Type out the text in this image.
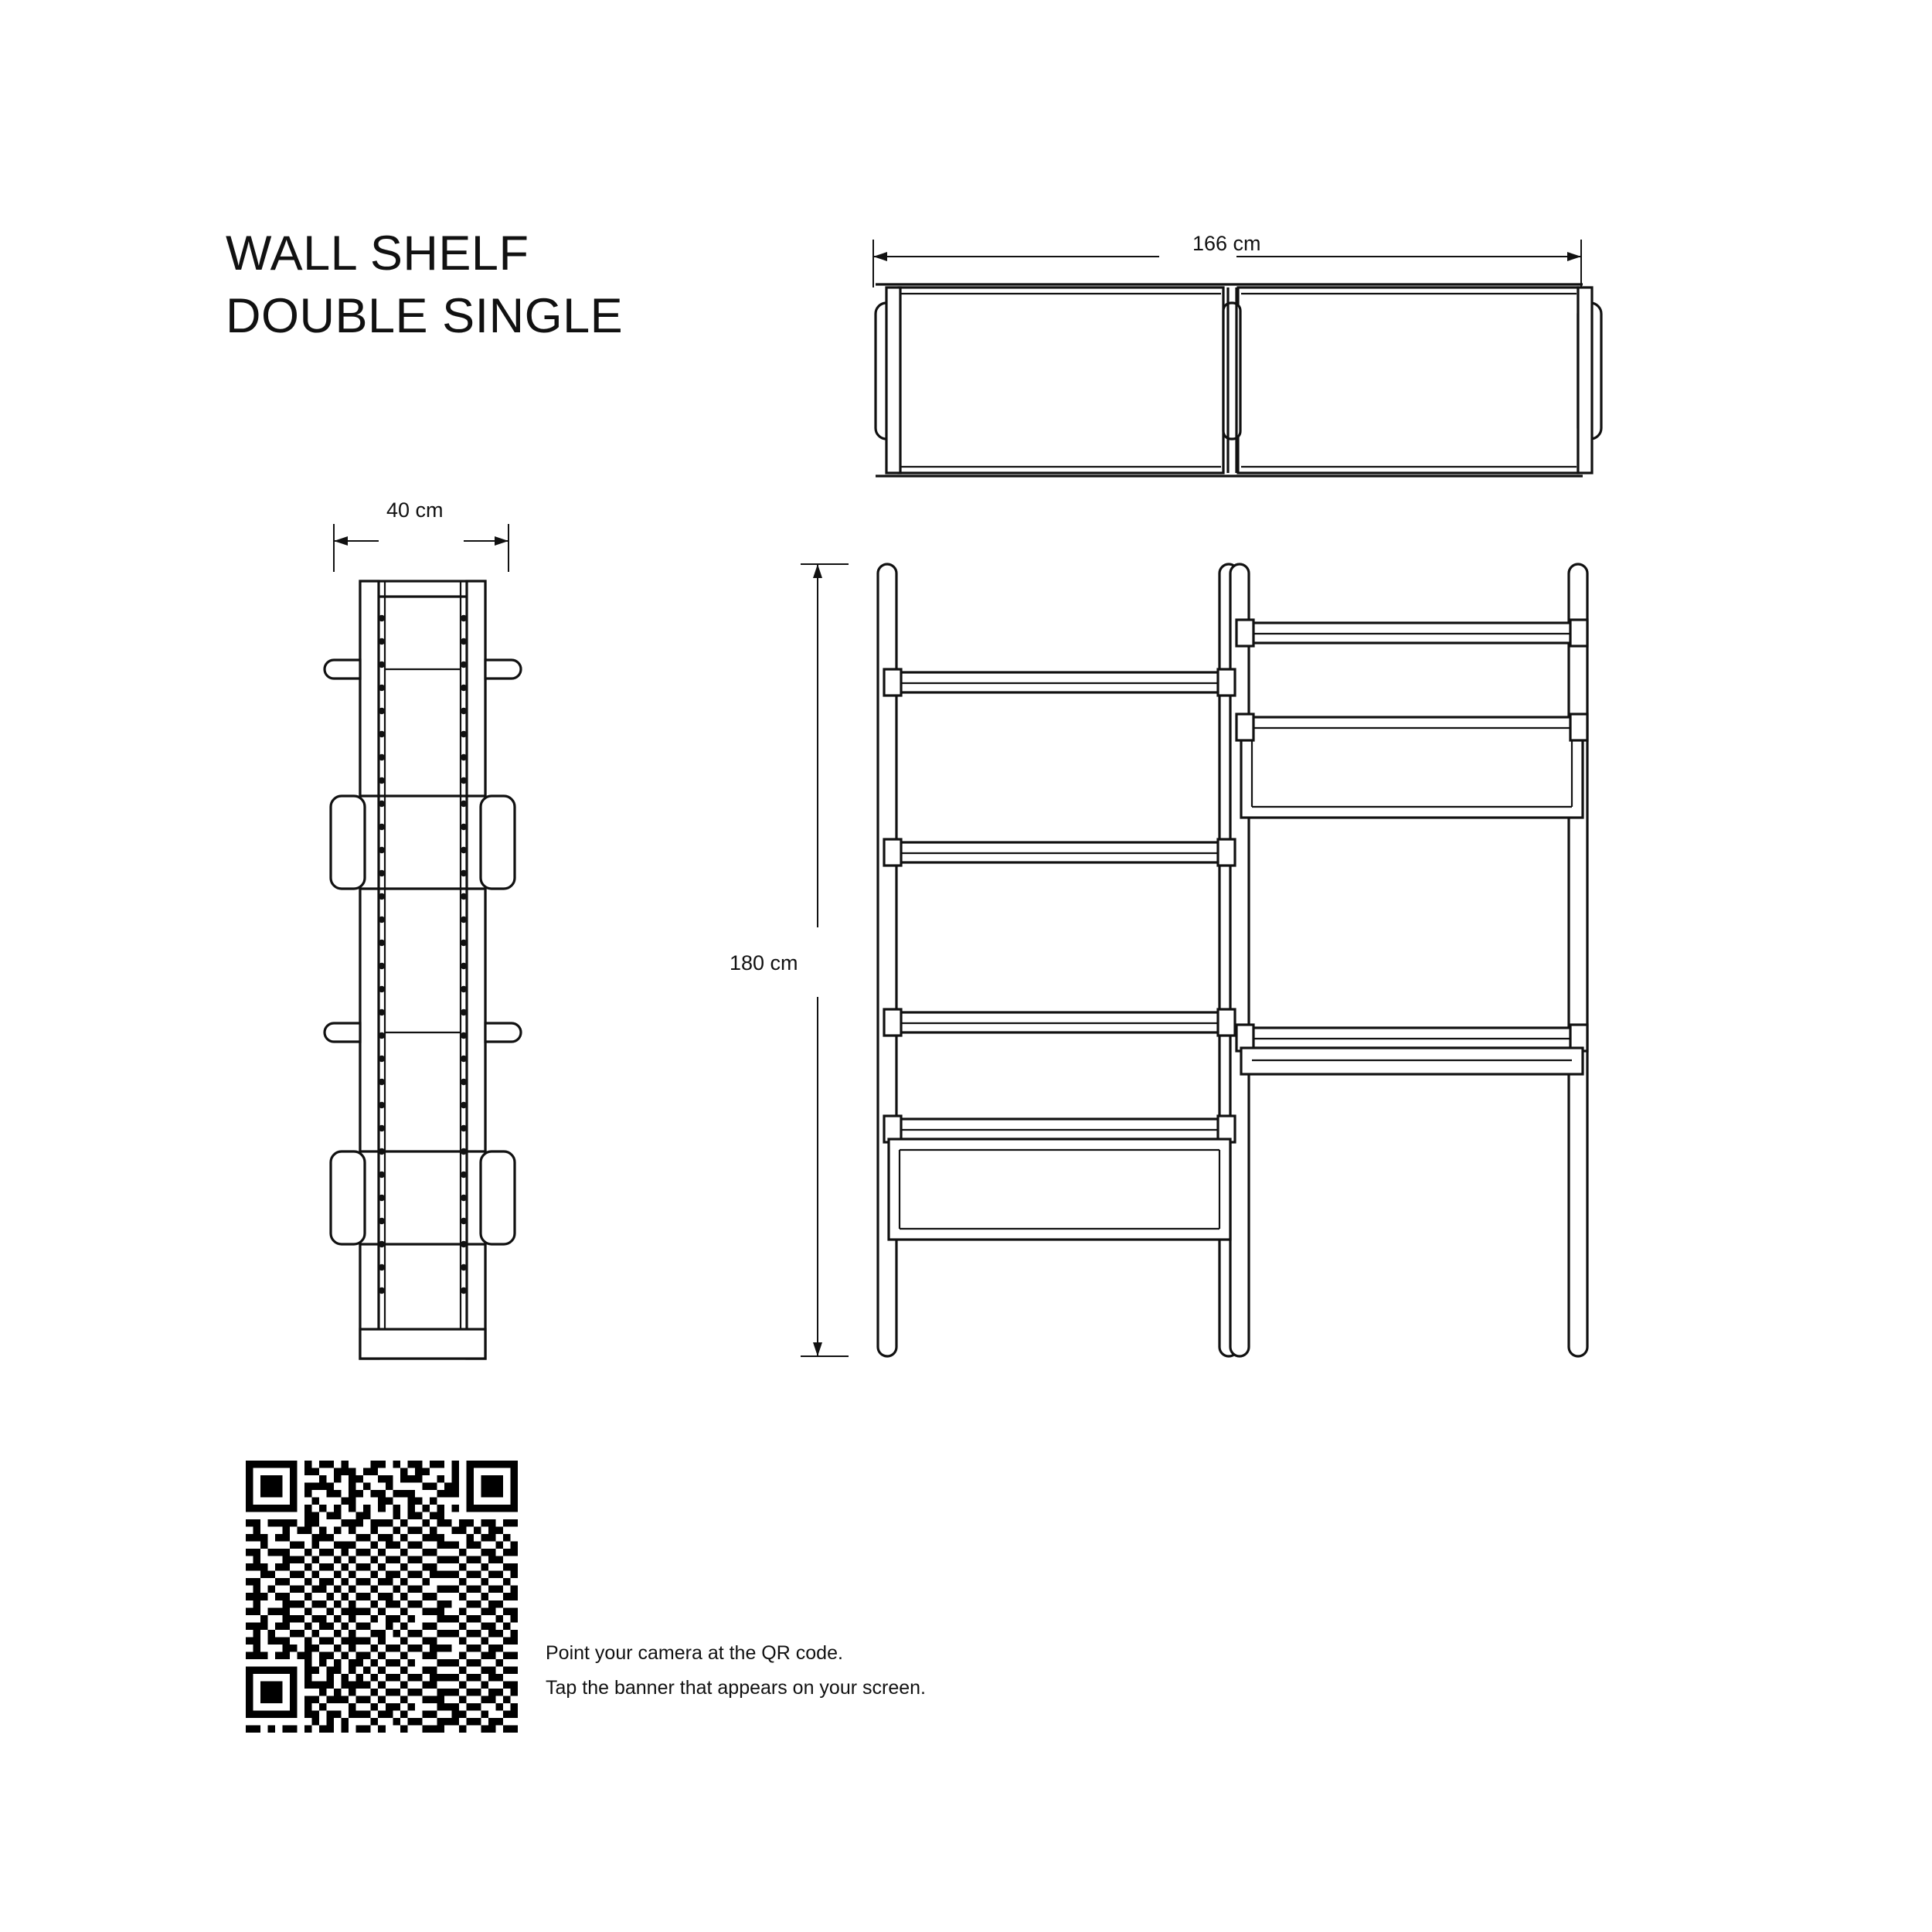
WALL SHELF
DOUBLE SINGLE
166 cm
40 cm
180 cm
Point your camera at the QR code.
Tap the banner that appears on your screen.
